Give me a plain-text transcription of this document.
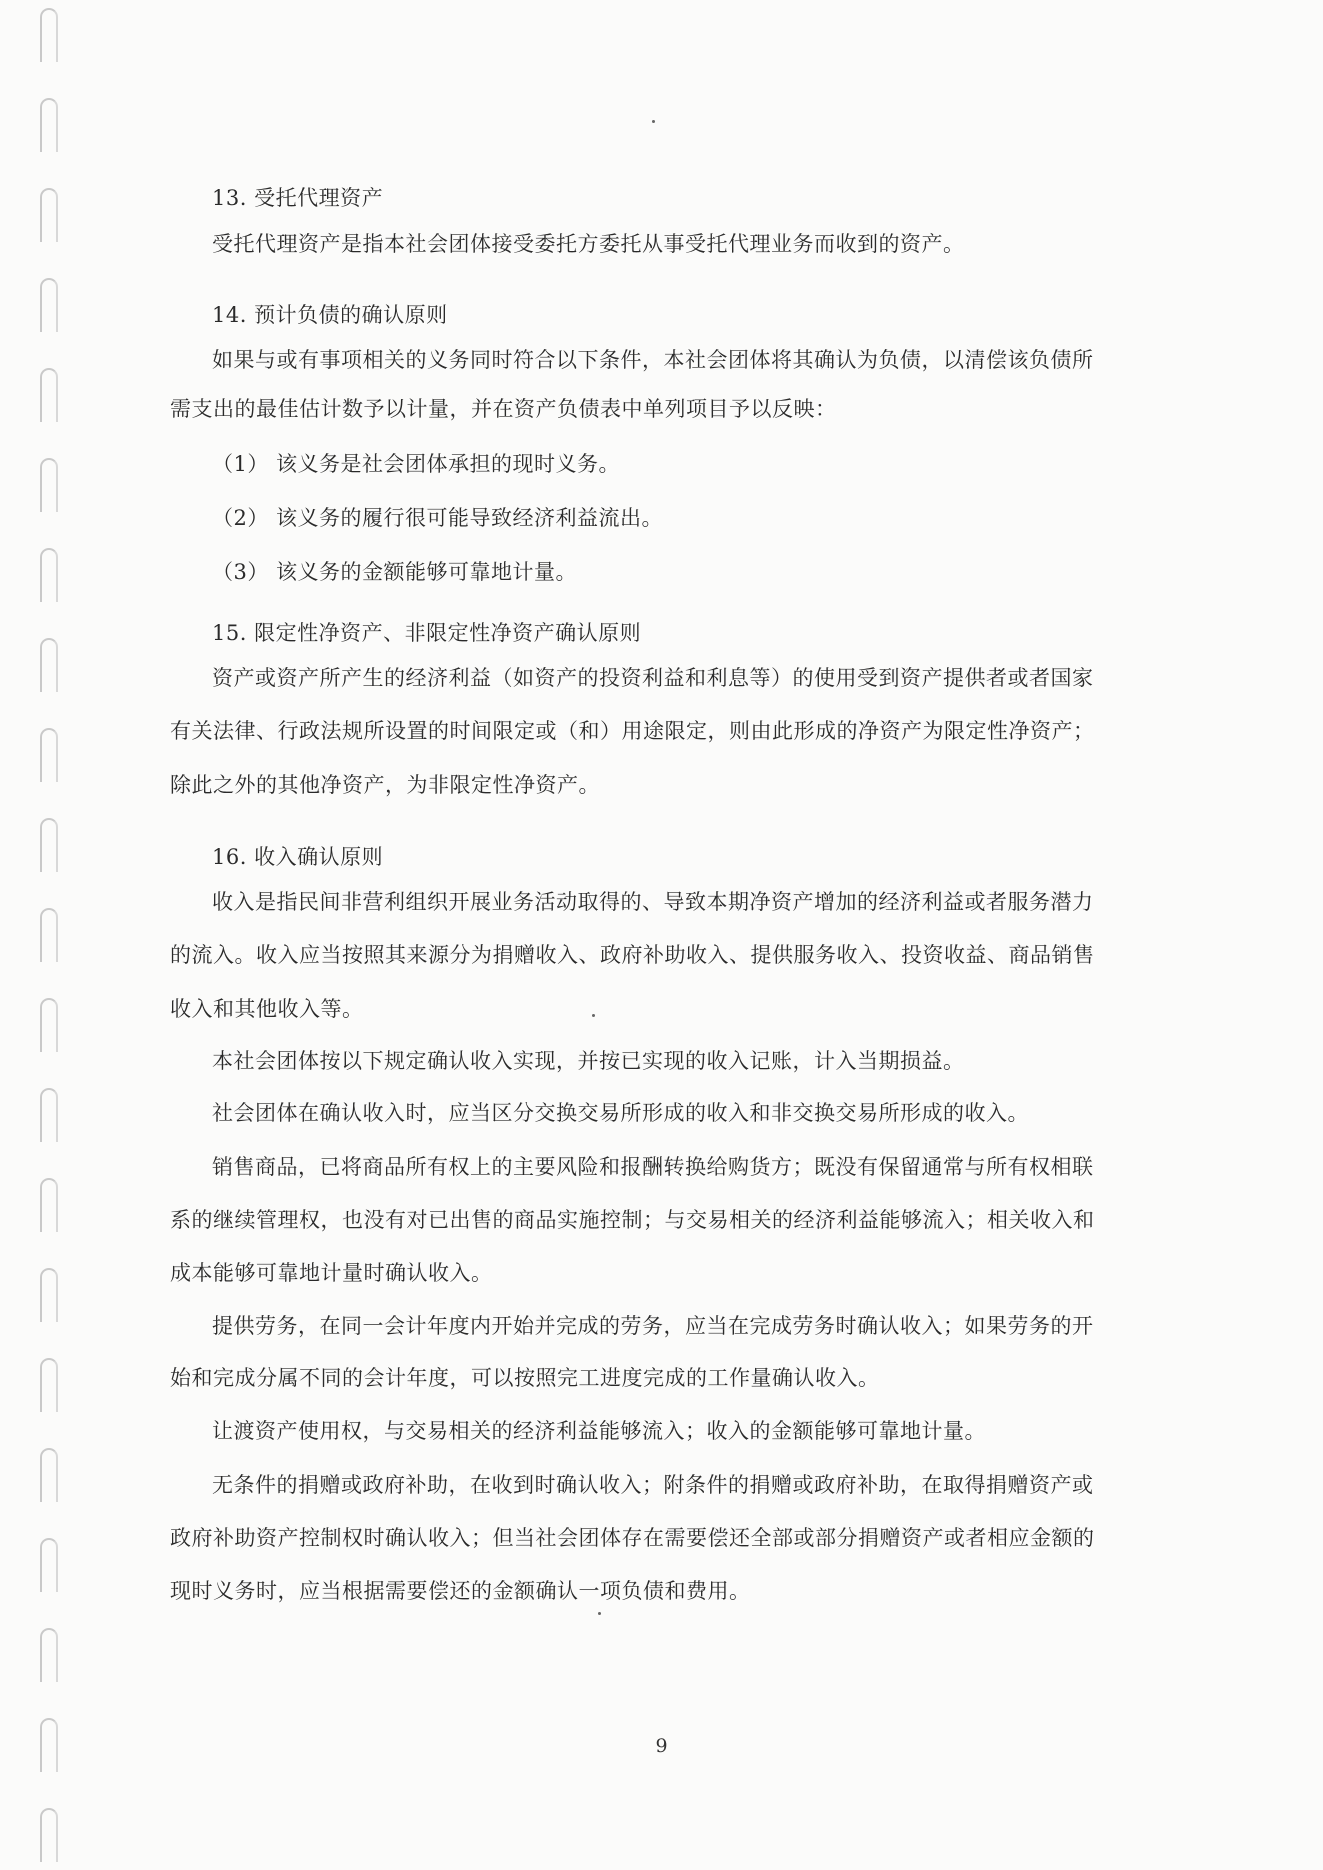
13. 受托代理资产
受托代理资产是指本社会团体接受委托方委托从事受托代理业务而收到的资产。
14. 预计负债的确认原则
如果与或有事项相关的义务同时符合以下条件，本社会团体将其确认为负债，以清偿该负债所
需支出的最佳估计数予以计量，并在资产负债表中单列项目予以反映：
（1） 该义务是社会团体承担的现时义务。
（2） 该义务的履行很可能导致经济利益流出。
（3） 该义务的金额能够可靠地计量。
15. 限定性净资产、非限定性净资产确认原则
资产或资产所产生的经济利益（如资产的投资利益和利息等）的使用受到资产提供者或者国家
有关法律、行政法规所设置的时间限定或（和）用途限定，则由此形成的净资产为限定性净资产；
除此之外的其他净资产，为非限定性净资产。
16. 收入确认原则
收入是指民间非营利组织开展业务活动取得的、导致本期净资产增加的经济利益或者服务潜力
的流入。收入应当按照其来源分为捐赠收入、政府补助收入、提供服务收入、投资收益、商品销售
收入和其他收入等。
本社会团体按以下规定确认收入实现，并按已实现的收入记账，计入当期损益。
社会团体在确认收入时，应当区分交换交易所形成的收入和非交换交易所形成的收入。
销售商品，已将商品所有权上的主要风险和报酬转换给购货方；既没有保留通常与所有权相联
系的继续管理权，也没有对已出售的商品实施控制；与交易相关的经济利益能够流入；相关收入和
成本能够可靠地计量时确认收入。
提供劳务，在同一会计年度内开始并完成的劳务，应当在完成劳务时确认收入；如果劳务的开
始和完成分属不同的会计年度，可以按照完工进度完成的工作量确认收入。
让渡资产使用权，与交易相关的经济利益能够流入；收入的金额能够可靠地计量。
无条件的捐赠或政府补助，在收到时确认收入；附条件的捐赠或政府补助，在取得捐赠资产或
政府补助资产控制权时确认收入；但当社会团体存在需要偿还全部或部分捐赠资产或者相应金额的
现时义务时，应当根据需要偿还的金额确认一项负债和费用。
9
